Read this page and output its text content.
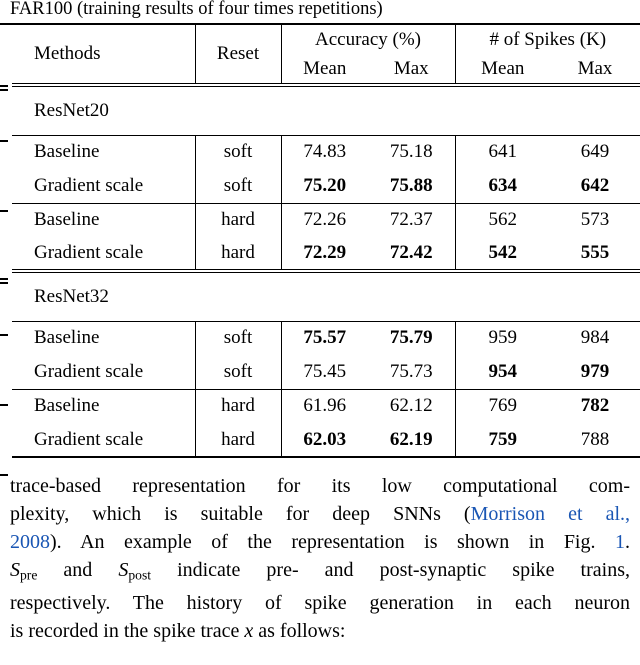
FAR100 (training results of four times repetitions)
Methods	Reset	Accuracy (%)		# of Spikes (K)	
		Mean	Max	Mean	Max
ResNet20					
Baseline	soft	74.83	75.18	641	649
Gradient scale	soft	75.20	75.88	634	642
Baseline	hard	72.26	72.37	562	573
Gradient scale	hard	72.29	72.42	542	555
ResNet32					
Baseline	soft	75.57	75.79	959	984
Gradient scale	soft	75.45	75.73	954	979
Baseline	hard	61.96	62.12	769	782
Gradient scale	hard	62.03	62.19	759	788
trace-based representation for its low computational com-
plexity, which is suitable for deep SNNs (Morrison et al.,
2008). An example of the representation is shown in Fig. 1.
$S_{pre}$ and $S_{post}$ indicate pre- and post-synaptic spike trains,
respectively. The history of spike generation in each neuron
is recorded in the spike trace x as follows:
